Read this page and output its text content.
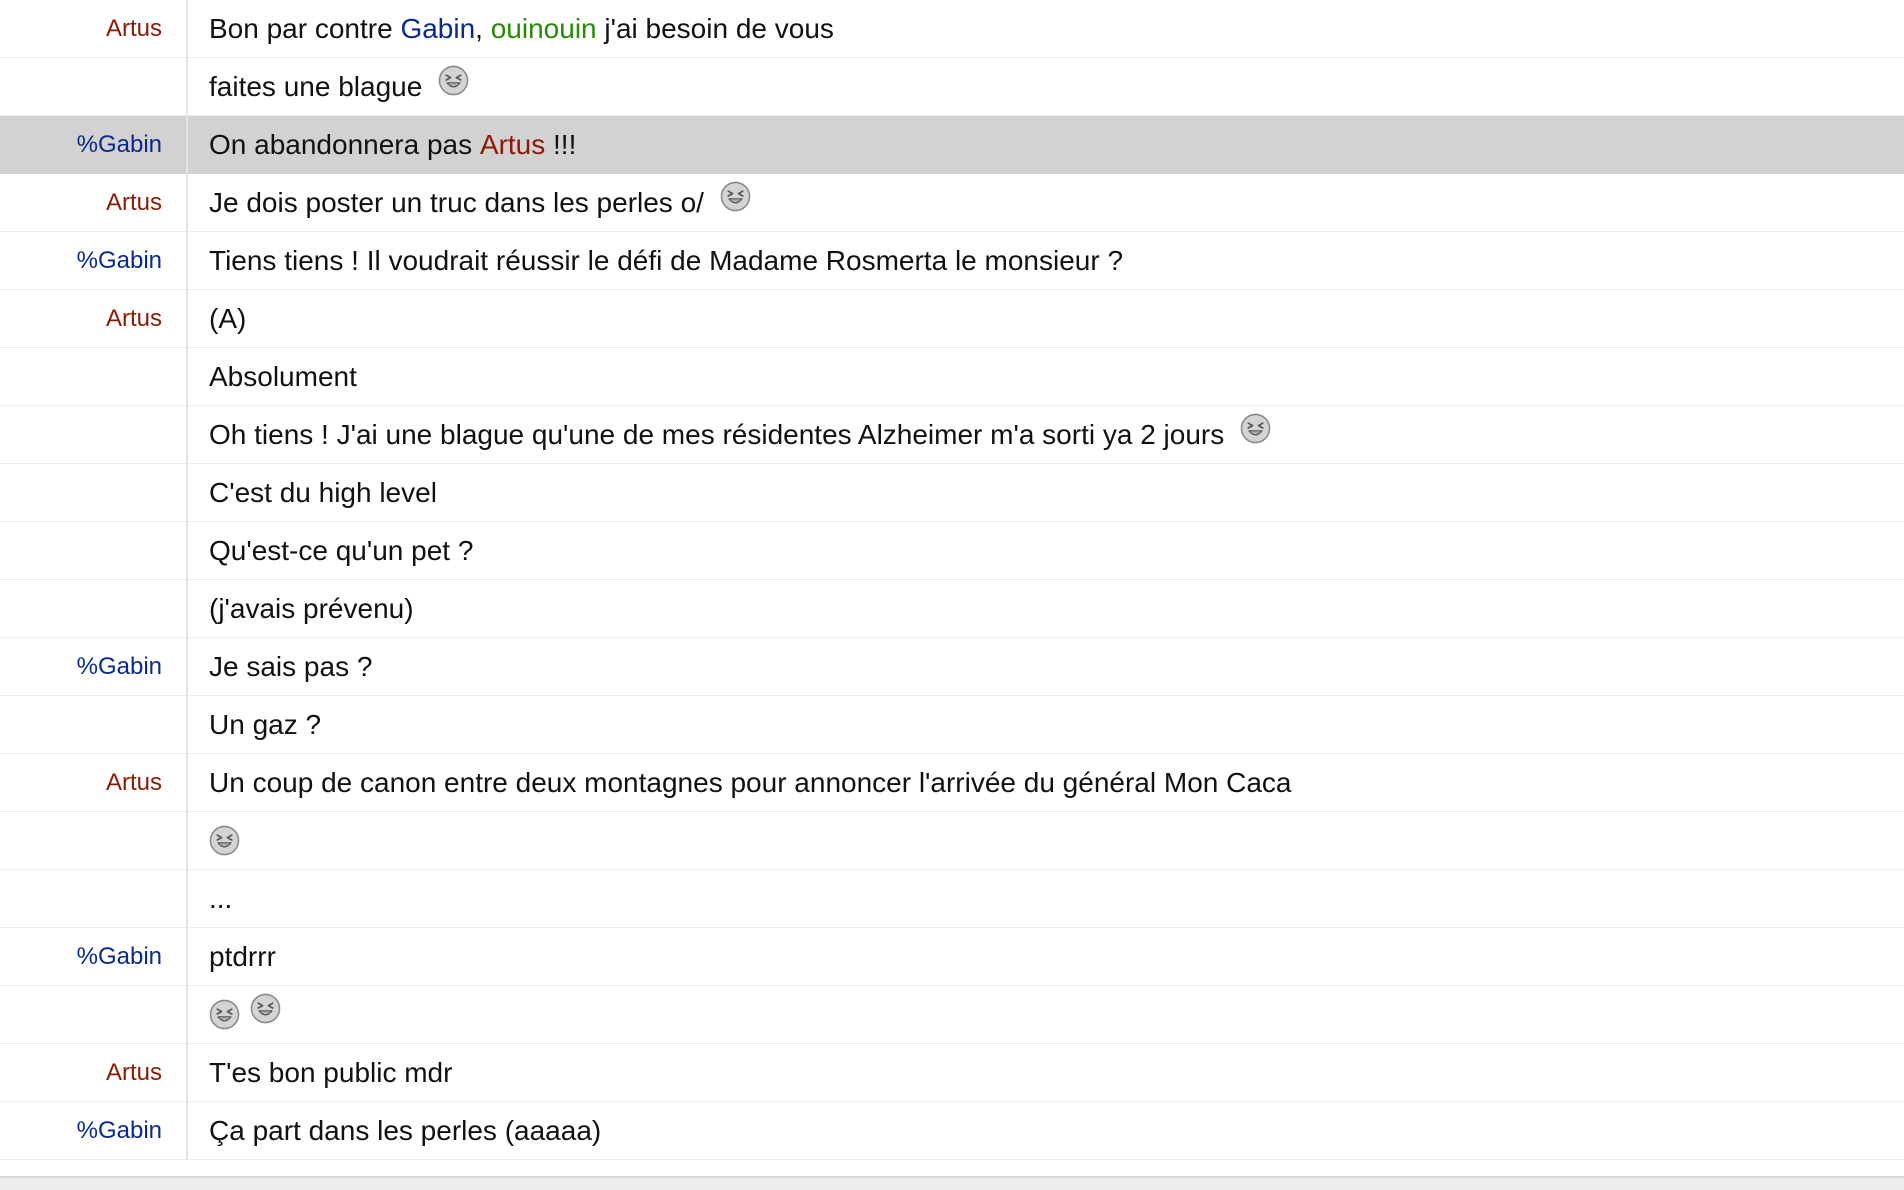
Artus	Bon par contre Gabin , ouinouin j'ai besoin de vous
faites une blague
%Gabin	On abandonnera pas Artus !!!
Artus	Je dois poster un truc dans les perles o/
%Gabin	Tiens tiens ! Il voudrait réussir le défi de Madame Rosmerta le monsieur ?
Artus	(A)
Absolument
Oh tiens ! J'ai une blague qu'une de mes résidentes Alzheimer m'a sorti ya 2 jours
C'est du high level
Qu'est-ce qu'un pet ?
(j'avais prévenu)
%Gabin	Je sais pas ?
Un gaz ?
Artus	Un coup de canon entre deux montagnes pour annoncer l'arrivée du général Mon Caca
...
%Gabin	ptdrrr
Artus	T'es bon public mdr
%Gabin	Ça part dans les perles (aaaaa)
